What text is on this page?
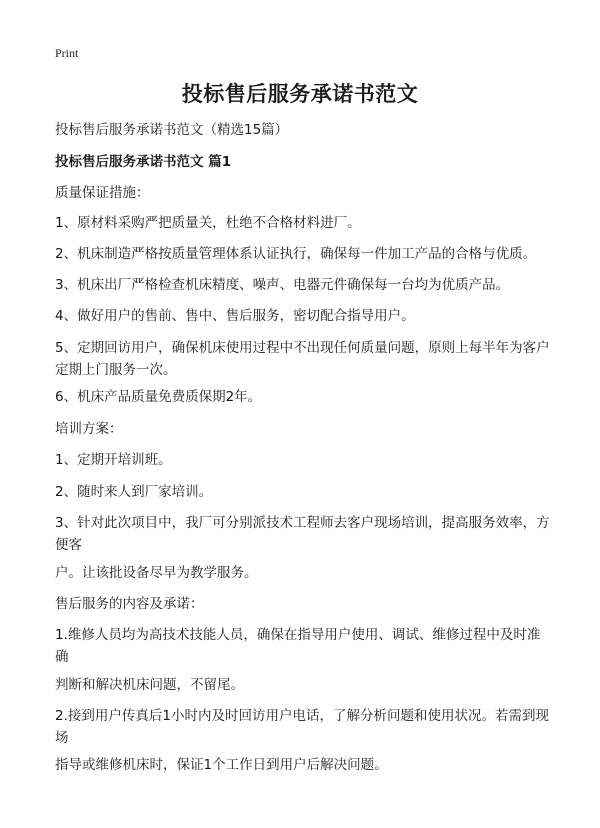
Print
投标售后服务承诺书范文
投标售后服务承诺书范文（精选15篇）
投标售后服务承诺书范文 篇1
质量保证措施：
1、原材料采购严把质量关，杜绝不合格材料进厂。
2、机床制造严格按质量管理体系认证执行，确保每一件加工产品的合格与优质。
3、机床出厂严格检查机床精度、噪声、电器元件确保每一台均为优质产品。
4、做好用户的售前、售中、售后服务，密切配合指导用户。
5、定期回访用户，确保机床使用过程中不出现任何质量问题，原则上每半年为客户定期上门服务一次。
6、机床产品质量免费质保期2年。
培训方案：
1、定期开培训班。
2、随时来人到厂家培训。
3、针对此次项目中，我厂可分别派技术工程师去客户现场培训，提高服务效率，方便客
户。让该批设备尽早为教学服务。
售后服务的内容及承诺：
1.维修人员均为高技术技能人员，确保在指导用户使用、调试、维修过程中及时准确
判断和解决机床问题，不留尾。
2.接到用户传真后1小时内及时回访用户电话，了解分析问题和使用状况。若需到现场
指导或维修机床时，保证1个工作日到用户后解决问题。
